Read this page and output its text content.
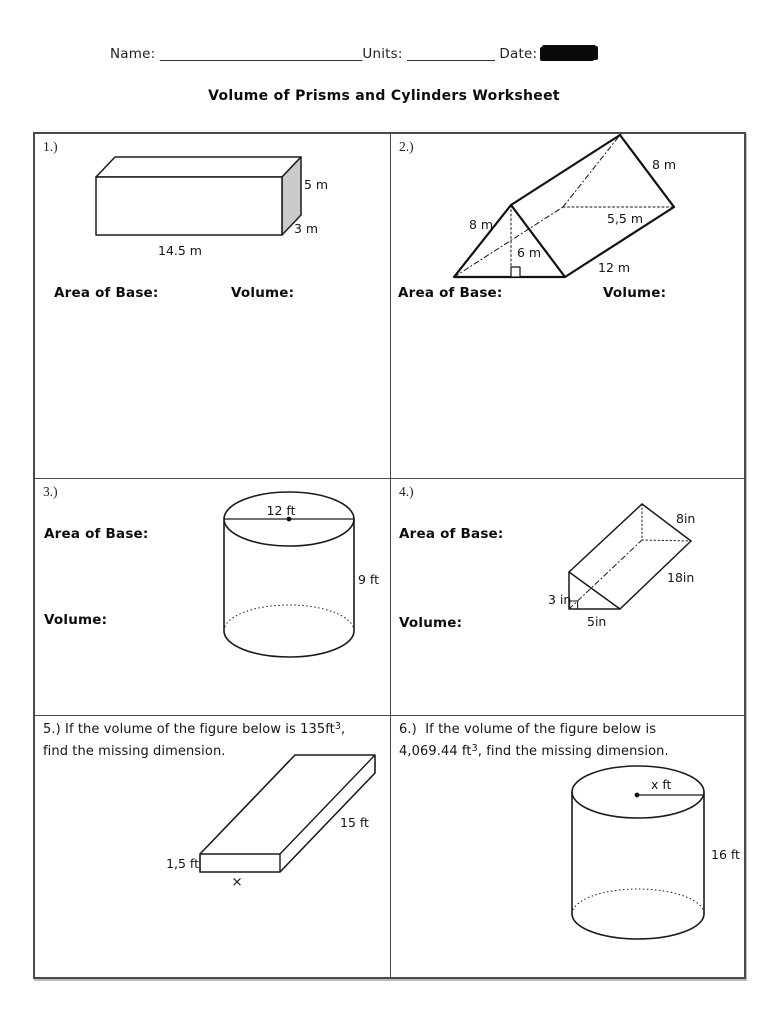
Name: ______________________________Units: _____________ Date:
Volume of Prisms and Cylinders Worksheet
1.)
5 m
3 m
14.5 m
Area of Base:	Volume:
2.)
8 m
8 m
5,5 m
6 m
12 m
Area of Base:	Volume:
3.)
12 ft
9 ft
Area of Base:
Volume:
4.)
8in
18in
3 in
5in
Area of Base:
Volume:
5.) If the volume of the figure below is $135ft^3$,
find the missing dimension.
1,5 ft
15 ft
×
6.)  If the volume of the figure below is
4,069.44 $ft^3$, find the missing dimension.
x ft
16 ft
